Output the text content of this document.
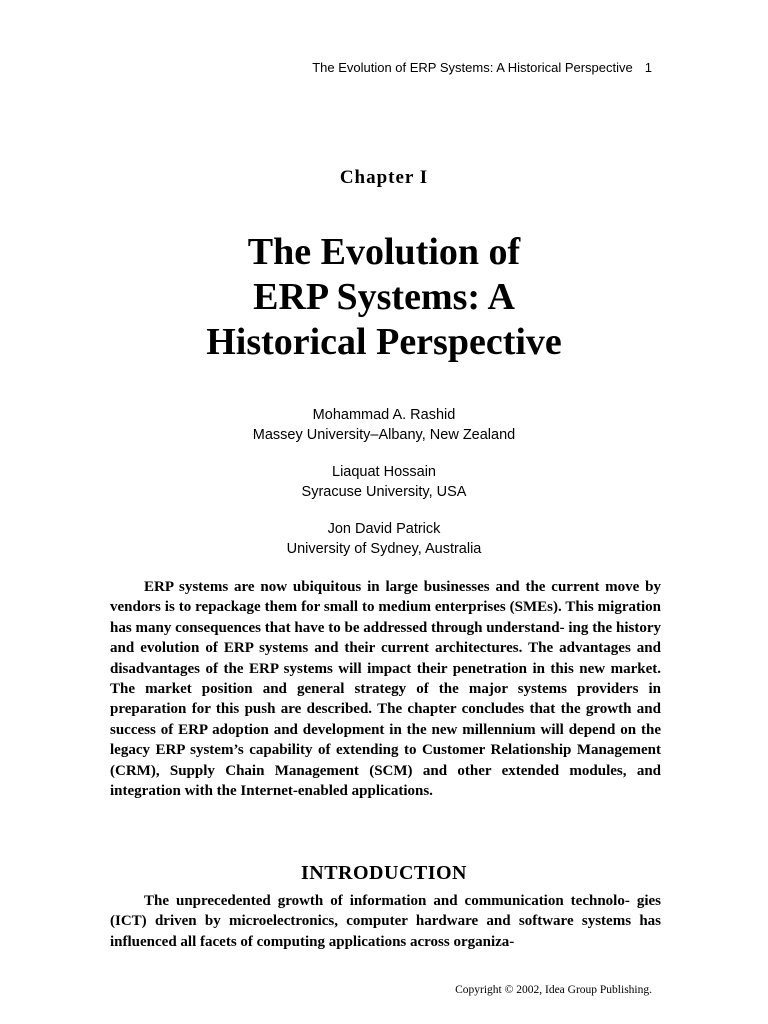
The Evolution of ERP Systems: A Historical Perspective 1
Chapter I
The Evolution of
ERP Systems: A
Historical Perspective
Mohammad A. Rashid
Massey University–Albany, New Zealand
Liaquat Hossain
Syracuse University, USA
Jon David Patrick
University of Sydney, Australia

ERP systems are now ubiquitous in large businesses and the current move by vendors is to repackage them for small to medium enterprises (SMEs). This migration has many consequences that have to be addressed through understand- ing the history and evolution of ERP systems and their current architectures. The advantages and disadvantages of the ERP systems will impact their penetration in this new market. The market position and general strategy of the major systems providers in preparation for this push are described. The chapter concludes that the growth and success of ERP adoption and development in the new millennium will depend on the legacy ERP system’s capability of extending to Customer Relationship Management (CRM), Supply Chain Management (SCM) and other extended modules, and integration with the Internet-enabled applications.

INTRODUCTION

The unprecedented growth of information and communication technolo- gies (ICT) driven by microelectronics, computer hardware and software systems has influenced all facets of computing applications across organiza-

Copyright © 2002, Idea Group Publishing.
